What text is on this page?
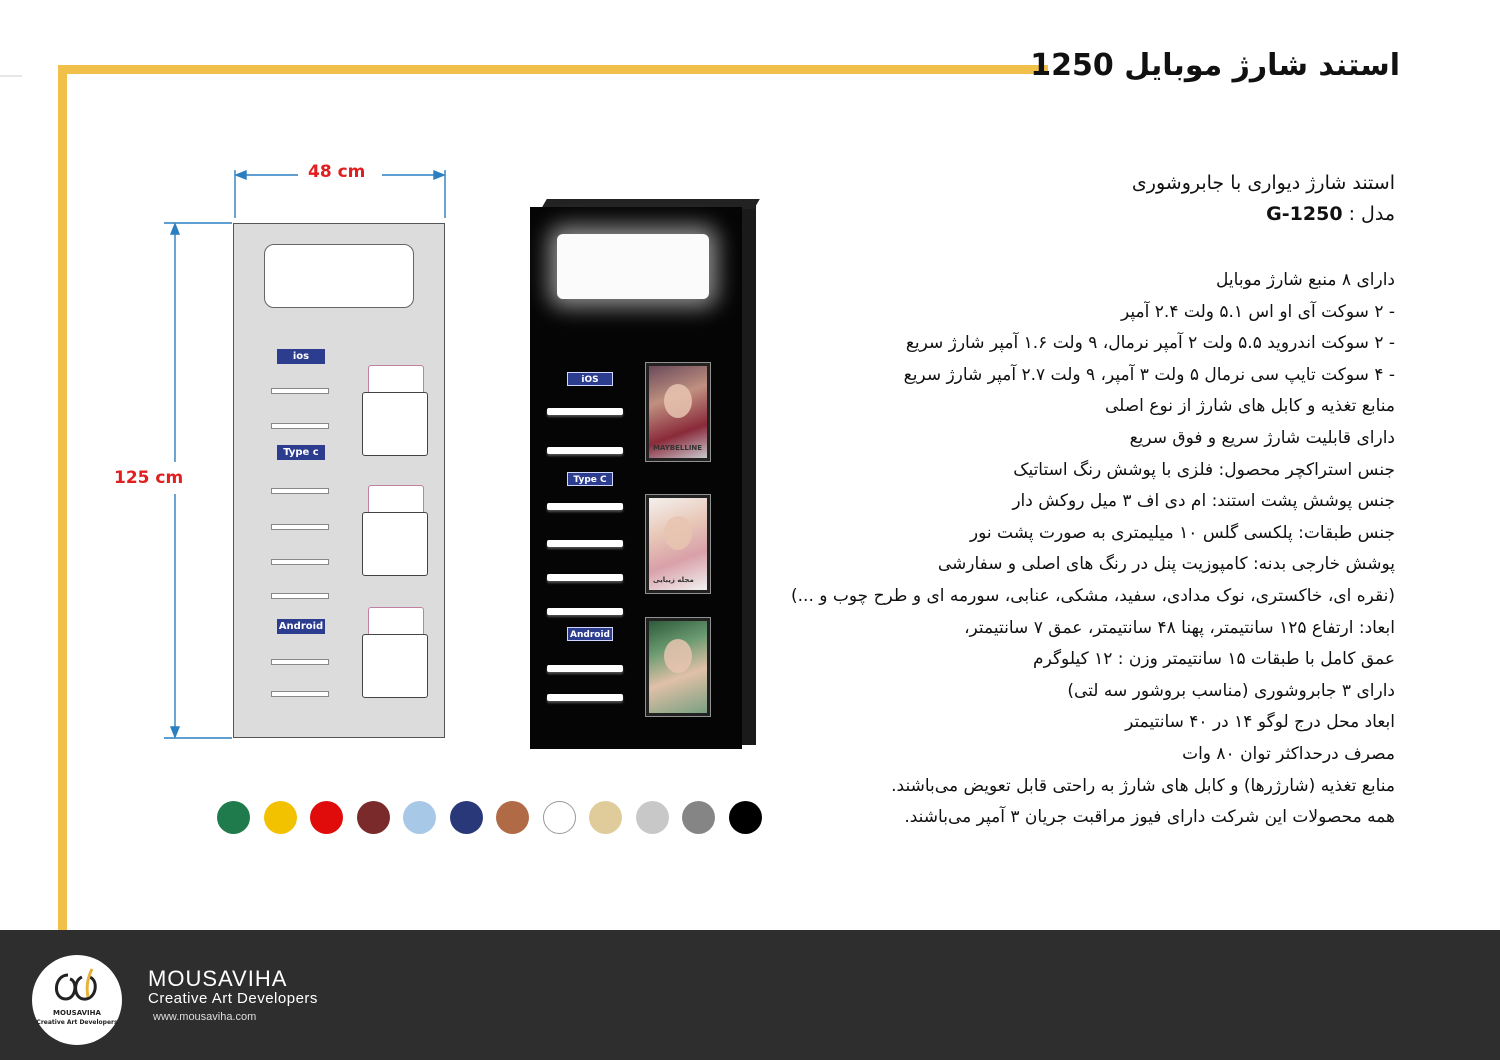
استند شارژ موبایل 1250
استند شارژ دیواری با جابروشوری
مدل : G-1250
دارای ۸ منبع شارژ موبایل
- ۲ سوکت آی او اس ۵.۱ ولت ۲.۴ آمپر
- ۲ سوکت اندروید ۵.۵ ولت ۲ آمپر نرمال، ۹ ولت ۱.۶ آمپر شارژ سریع
- ۴ سوکت تایپ سی نرمال ۵ ولت ۳ آمپر، ۹ ولت ۲.۷ آمپر شارژ سریع
منابع تغذیه و کابل های شارژ از نوع اصلی
دارای قابلیت شارژ سریع و فوق سریع
جنس استراکچر محصول: فلزی با پوشش رنگ استاتیک
جنس پوشش پشت استند: ام دی اف ۳ میل روکش دار
جنس طبقات: پلکسی گلس ۱۰ میلیمتری به صورت پشت نور
پوشش خارجی بدنه: کامپوزیت پنل در رنگ های اصلی و سفارشی
(نقره ای، خاکستری، نوک مدادی، سفید، مشکی، عنابی، سورمه ای و طرح چوب و ...)
ابعاد: ارتفاع ۱۲۵ سانتیمتر، پهنا ۴۸ سانتیمتر، عمق ۷ سانتیمتر،
عمق کامل با طبقات ۱۵ سانتیمتر وزن : ۱۲ کیلوگرم
دارای ۳ جابروشوری (مناسب بروشور سه لتی)
ابعاد محل درج لوگو ۱۴ در ۴۰ سانتیمتر
مصرف درحداکثر توان ۸۰ وات
منابع تغذیه (شارژرها) و کابل های شارژ به راحتی قابل تعویض می‌باشند.
همه محصولات این شرکت دارای فیوز مراقبت جریان ۳ آمپر می‌باشند.
48 cm
125 cm
ios
Type c
Android
iOS
Type C
Android
MAYBELLINE
مجله زیبایی
MOUSAVIHA
Creative Art Developers
MOUSAVIHA
Creative Art Developers
www.mousaviha.com
